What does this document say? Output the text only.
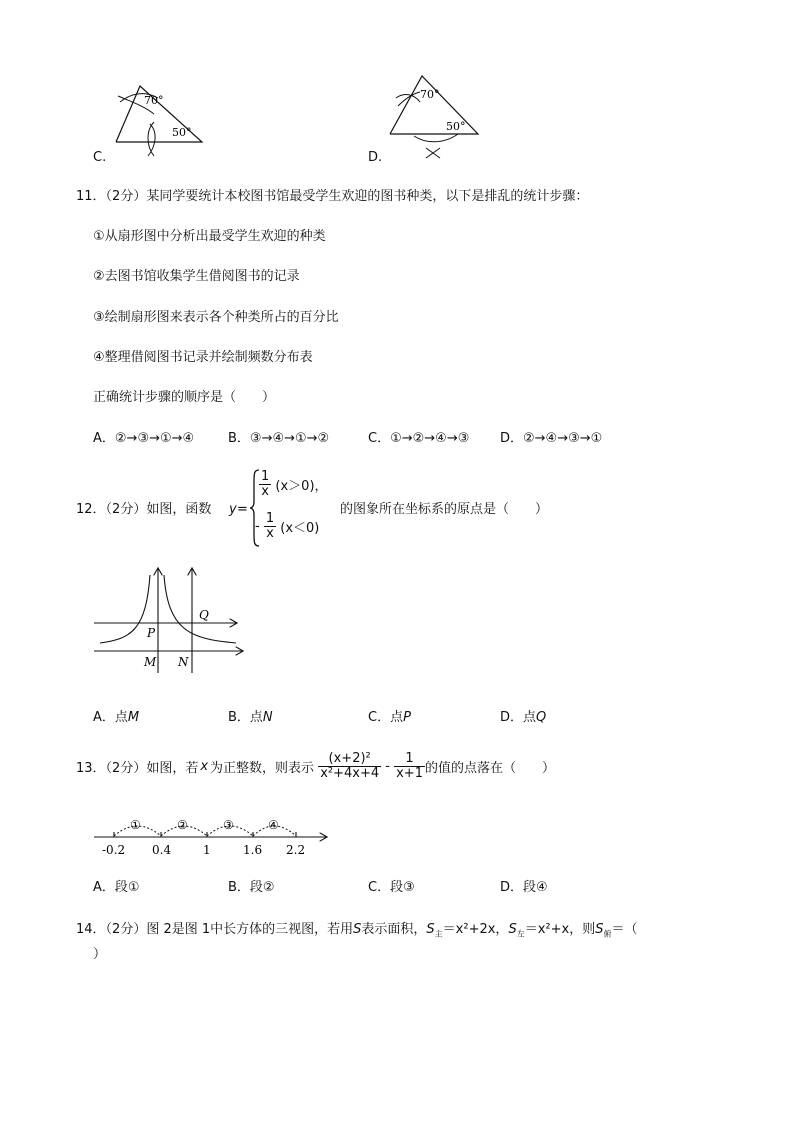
70°
50°
C.
70°
50°
D.
11．（2分）某同学要统计本校图书馆最受学生欢迎的图书种类，以下是排乱的统计步骤：
①从扇形图中分析出最受学生欢迎的种类
②去图书馆收集学生借阅图书的记录
③绘制扇形图来表示各个种类所占的百分比
④整理借阅图书记录并绘制频数分布表
正确统计步骤的顺序是（　　）
A．②→③→①→④	B．③→④→①→②	C．①→②→④→③ D．②→④→③→①
12．（2分）如图，函数 y =
$\frac{1}{x} (x>0)$，
- $\frac{1}{x} (x<0)$
的图象所在坐标系的原点是（　　）
P
Q
M N
A．点M	B．点N	C．点P	D．点Q
13．（2分）如图，若 x 为正整数，则表示 $\frac{\text{(x+2)²}}{\text{x²+4x+4}} - \frac{1}{x+1}$ 的值的点落在（　　）
①	②	③	④
-0.2 0.4	1	1.6 2.2
A．段①	B．段②	C．段③	D．段④
14．（2分）图 2是图 1中长方体的三视图，若用S表示面积，$S_主=x^2+2x$，$S_左=x^2+x$，则$S_俯=$（
）
